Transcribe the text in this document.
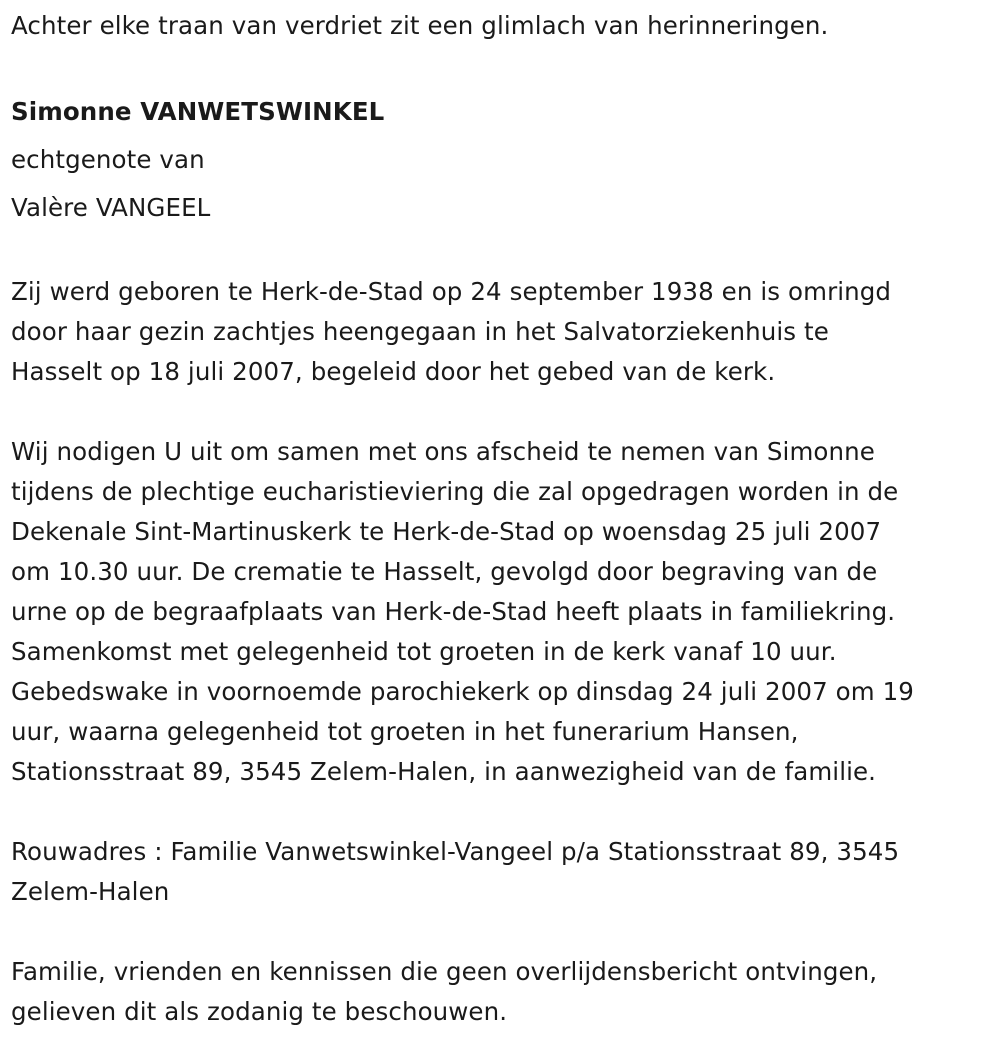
Achter elke traan van verdriet zit een glimlach van herinneringen.

Simonne VANWETSWINKEL

echtgenote van

Valère VANGEEL

Zij werd geboren te Herk-de-Stad op 24 september 1938 en is omringd
door haar gezin zachtjes heengegaan in het Salvatorziekenhuis te
Hasselt op 18 juli 2007, begeleid door het gebed van de kerk.
Wij nodigen U uit om samen met ons afscheid te nemen van Simonne
tijdens de plechtige eucharistieviering die zal opgedragen worden in de
Dekenale Sint-Martinuskerk te Herk-de-Stad op woensdag 25 juli 2007
om 10.30 uur. De crematie te Hasselt, gevolgd door begraving van de
urne op de begraafplaats van Herk-de-Stad heeft plaats in familiekring.
Samenkomst met gelegenheid tot groeten in de kerk vanaf 10 uur.
Gebedswake in voornoemde parochiekerk op dinsdag 24 juli 2007 om 19
uur, waarna gelegenheid tot groeten in het funerarium Hansen,
Stationsstraat 89, 3545 Zelem-Halen, in aanwezigheid van de familie.
Rouwadres : Familie Vanwetswinkel-Vangeel p/a Stationsstraat 89, 3545
Zelem-Halen
Familie, vrienden en kennissen die geen overlijdensbericht ontvingen,
gelieven dit als zodanig te beschouwen.
